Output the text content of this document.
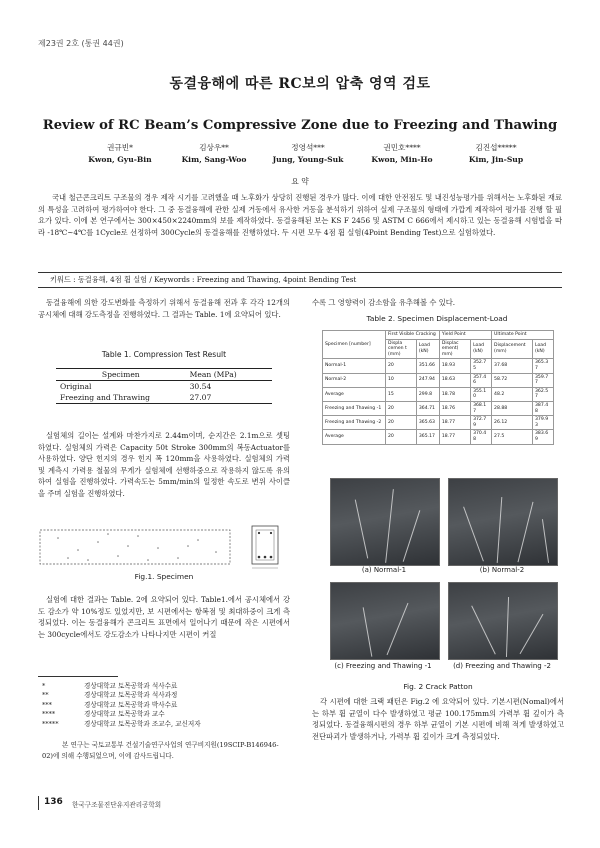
제23권 2호 (통권 44권)
동결융해에 따른 RC보의 압축 영역 검토
Review of RC Beam’s Compressive Zone due to Freezing and Thawing
권규빈*
Kwon, Gyu-Bin
김상우**
Kim, Sang-Woo
정영석***
Jung, Young-Suk
권민호****
Kwon, Min-Ho
김진섭*****
Kim, Jin-Sup
요 약
국내 철근콘크리트 구조물의 경우 제작 시기를 고려했을 때 노후화가 상당히 진행된 경우가 많다. 이에 대한 안전점도 및 내진성능평가를 위해서는 노후화된 재료의 특성을 고려하여 평가하여야 한다. 그 중 동결융해에 관한 실제 거동에서 유사한 거동을 분석하기 위하여 실제 구조물의 형태에 가깝게 제작하여 평가를 진행 할 필요가 있다. 이에 본 연구에서는 300×450×2240mm의 보를 제작하였다. 동결융해된 보는 KS F 2456 및 ASTM C 666에서 제시하고 있는 동결융해 시험법을 따라 -18℃~4℃를 1Cycle로 선정하여 300Cycle의 동결융해를 진행하였다. 두 시편 모두 4점 휨 실험(4Point Bending Test)으로 실험하였다.
키워드 : 동결융해, 4점 휨 실험 / Keywords : Freezing and Thawing, 4point Bending Test
동결융해에 의한 강도변화를 측정하기 위해서 동결융해 전과 후 각각 12개의 공시체에 대해 강도측정을 진행하였다. 그 결과는 Table. 1에 요약되어 있다.
Table 1. Compression Test Result
Specimen	Mean (MPa)
Original	30.54
Freezing and Thrawing	27.07
실험체의 길이는 설계와 마찬가지로 2.44m이며, 순지간은 2.1m으로 셋팅 하였다. 실험체의 가력은 Capacity 50t Stroke 300mm의 복동Actuator를 사용하였다. 양단 힌지의 경우 힌지 폭 120mm을 사용하였다. 실험체의 가력 및 계측시 가력용 철물의 무게가 실험체에 선행하중으로 작용하지 않도록 유의하여 실험을 진행하였다. 가력속도는 5mm/min의 일정한 속도로 변위 사이클을 주며 실험을 진행하였다.
Fig.1. Specimen
실험에 대한 결과는 Table. 2에 요약되어 있다. Table1.에서 공시체에서 강도 감소가 약 10%정도 있었지만, 보 시편에서는 항복점 및 최대하중이 크게 측정되었다. 이는 동결융해가 콘크리트 표면에서 일어나기 때문에 작은 시편에서는 300cycle에서도 강도감소가 나타나지만 시편이 커질
*	경상대학교 토목공학과 석사수료
**	경상대학교 토목공학과 석사과정
***	경상대학교 토목공학과 박사수료
****	경상대학교 토목공학과 교수
*****	경상대학교 토목공학과 조교수, 교신저자
본 연구는 국토교통부 건설기술연구사업의 연구비지원(19SCIP-B146946-02)에 의해 수행되었으며, 이에 감사드립니다.
수록 그 영향력이 감소함을 유추해볼 수 있다.
Table 2. Specimen Displacement-Load
Specimen [number]	First Visible Cracking		Yield Point		Ultimate Point	
	Displa cemen t (mm)	Load (kN)	Displac ement( mm)	Load (kN)	Displacement (mm)	Load (kN)
Normal-1	20	351.66	18.93	352.7 5	37.68	365.3 7
Normal-2	10	247.94	18.63	357.4 6	58.72	359.7 7
Average	15	299.8	18.78	355.1 0	48.2	362.5 7
Freezing and Thawing -1	20	364.71	18.76	368.1 7	28.88	387.4 8
Freezing and Thawing -2	20	365.63	18.77	372.7 9	26.12	379.9 3
Average	20	365.17	18.77	370.4 8	27.5	383.6 9
(a) Normal-1	(b) Normal-2
(c) Freezing and Thawing -1	(d) Freezing and Thawing -2
Fig. 2 Crack Patton
각 시편에 대한 크랙 패턴은 Fig.2 에 요약되어 있다. 기본시편(Nomal)에서는 하부 휨 균열이 다수 발생하였고 평균 100.175mm의 가력부 휨 깊이가 측정되었다. 동결융해시편의 경우 하부 균열이 기본 시편에 비해 적게 발생하였고 전단파괴가 발생하거나, 가력부 휨 깊이가 크게 측정되었다.
136 한국구조물진단유지관리공학회
